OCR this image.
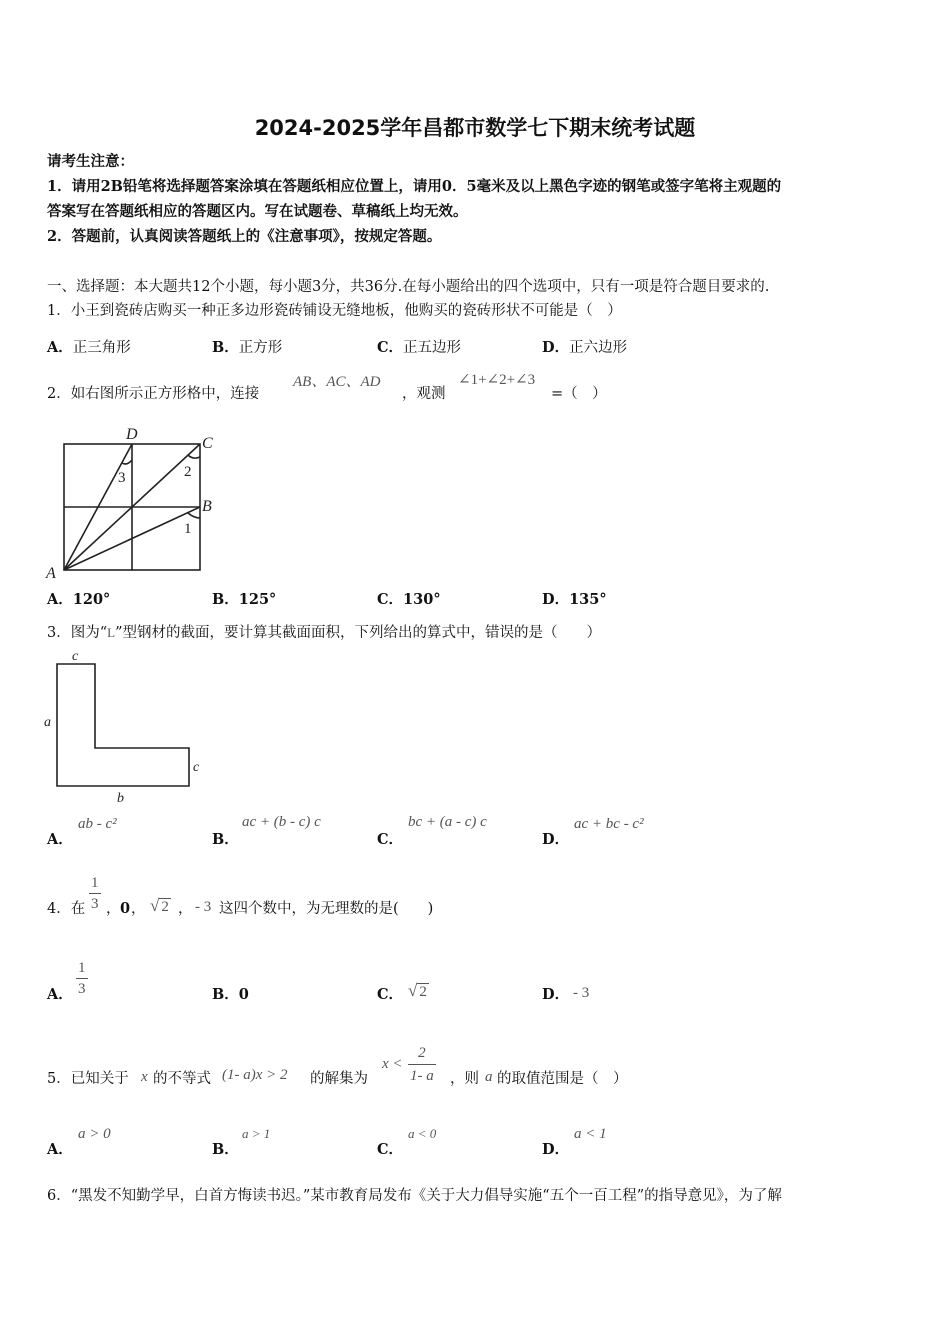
2024-2025学年昌都市数学七下期末统考试题
请考生注意：
1．请用2B铅笔将选择题答案涂填在答题纸相应位置上，请用0．5毫米及以上黑色字迹的钢笔或签字笔将主观题的
答案写在答题纸相应的答题区内。写在试题卷、草稿纸上均无效。
2．答题前，认真阅读答题纸上的《注意事项》，按规定答题。
一、选择题：本大题共12个小题，每小题3分，共36分.在每小题给出的四个选项中，只有一项是符合题目要求的.
1．小王到瓷砖店购买一种正多边形瓷砖铺设无缝地板，他购买的瓷砖形状不可能是（　）
A．正三角形	B．正方形	C．正五边形	D．正六边形
2．如右图所示正方形格中，连接
AB、AC、AD
，观测
∠1+∠2+∠3
=（　）
A
B
C
D
1
2
3
A．120°	B．125°	C．130°	D．135°
3．图为“L”型钢材的截面，要计算其截面面积，下列给出的算式中，错误的是（　　）
c
a
c
b
A．
ab - c²
B．
ac + (b - c) c
C．
bc + (a - c) c
D．
ac + bc - c²
4．在 $\frac{1}{3}$ ， 0 ， √ 2 ， - 3 这四个数中，为无理数的是(　　)
A． $\frac{1}{3}$	B．0	C． √ 2	D． - 3
5．已知关于 x 的不等式 (1- a)x > 2 的解集为
$x < \frac{2}{1- a}$ ，则 a 的取值范围是（　）
A．
a > 0
B．
a > 1
C．
a < 0
D．
a < 1
6．“黑发不知勤学早，白首方悔读书迟。”某市教育局发布《关于大力倡导实施“五个一百工程”的指导意见》，为了解
